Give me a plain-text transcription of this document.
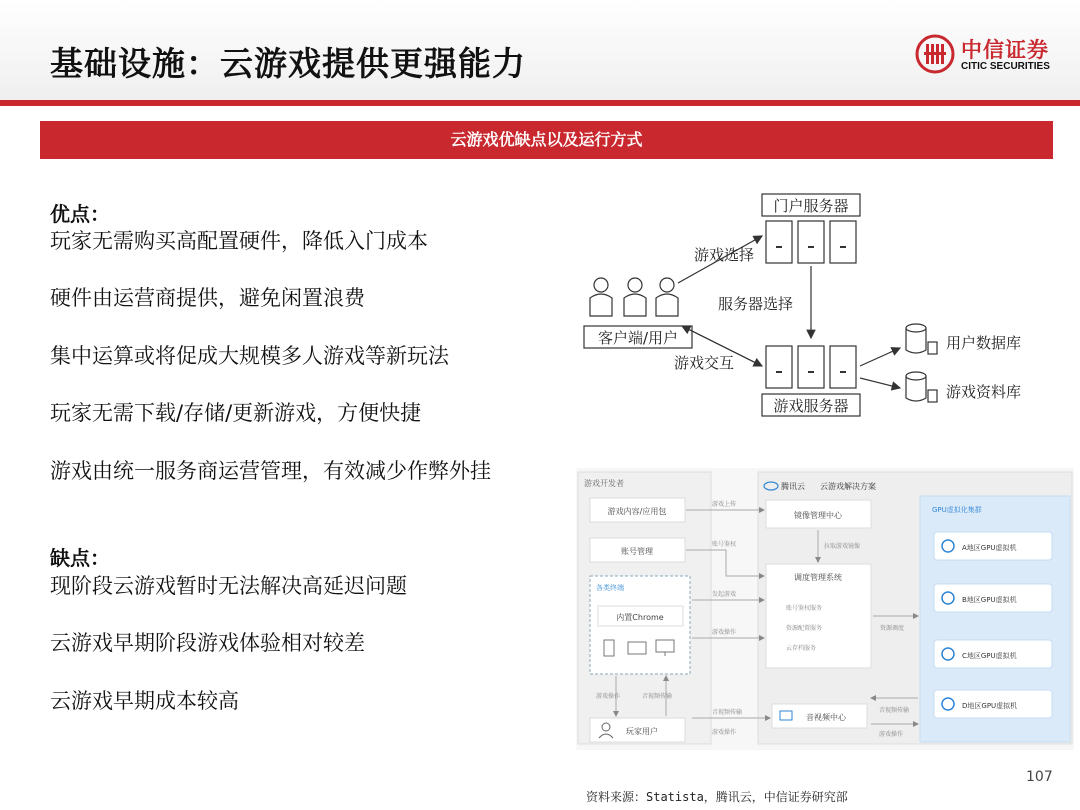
基础设施：云游戏提供更强能力	中信证券
CITIC SECURITIES
云游戏优缺点以及运行方式
优点：
玩家无需购买高配置硬件，降低入门成本
硬件由运营商提供，避免闲置浪费
集中运算或将促成大规模多人游戏等新玩法
玩家无需下载/存储/更新游戏，方便快捷
游戏由统一服务商运营管理，有效减少作弊外挂
缺点：
现阶段云游戏暂时无法解决高延迟问题
云游戏早期阶段游戏体验相对较差
云游戏早期成本较高
门户服务器
客户端/用户
游戏选择
服务器选择
游戏交互
游戏服务器
用户数据库
游戏资料库
游戏开发者
游戏内容/应用包
账号管理
各类终端
内置Chrome
玩家用户
游戏操作	音视频传输
腾讯云 云游戏解决方案
镜像管理中心
调度管理系统
账号鉴权服务
资源配置服务
云存档服务
音视频中心
游戏上传
账号鉴权
发起游戏
游戏操作
拉取游戏镜像
音视频传输
GPU虚拟化集群
A地区GPU虚拟机
B地区GPU虚拟机
C地区GPU虚拟机
D地区GPU虚拟机
资源调度
音视频传输
游戏操作
游戏操作
资料来源：Statista，腾讯云，中信证券研究部
107
